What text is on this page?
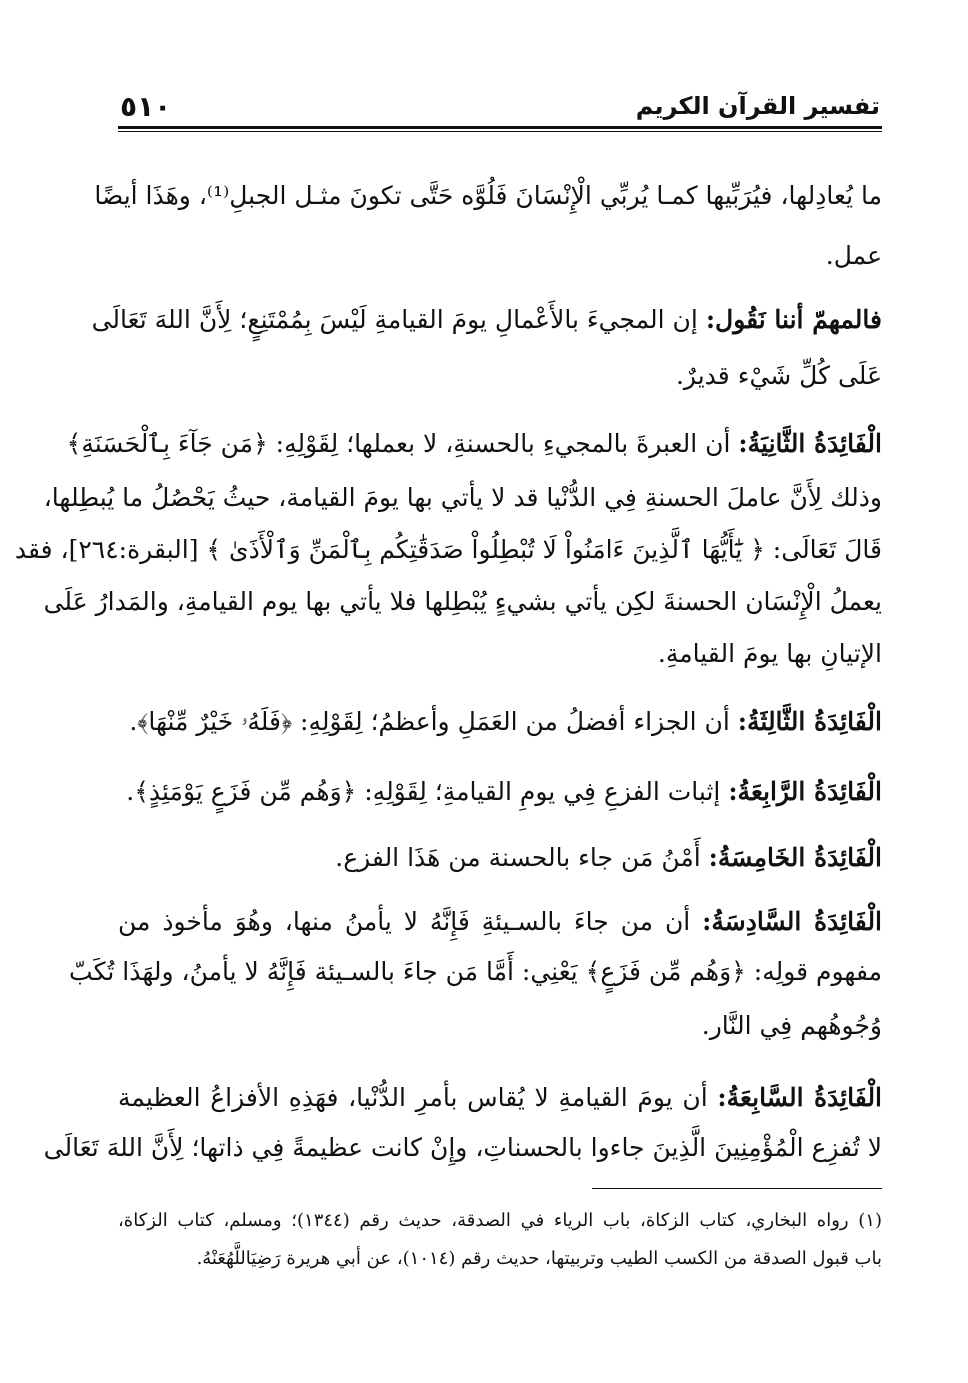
٥١٠	تفسير القرآن الكريم
ما يُعادِلها، فيُرَبِّيها كمـا يُربِّي الْإِنْسَانَ فَلُوَّه حَتَّى تكونَ مثـل الجبلِ⁽¹⁾، وهَذَا أيضًا
عمل.
فالمهمّ أننا نَقُول: إن المجيءَ بالأَعْمالِ يومَ القيامةِ لَيْسَ بِمُمْتَنِعٍ؛ لِأَنَّ اللهَ تَعَالَى
عَلَى كُلِّ شَيْء قديرٌ.
الْفَائِدَةُ الثَّانِيَةُ: أن العبرةَ بالمجيءِ بالحسنةِ، لا بعملها؛ لِقَوْلِهِ: ﴿مَن جَآءَ بِٱلْحَسَنَةِ﴾
وذلك لِأَنَّ عاملَ الحسنةِ فِي الدُّنْيا قد لا يأتي بها يومَ القيامة، حيثُ يَحْصُلُ ما يُبطِلها،
قَالَ تَعَالَى: ﴿ يَٰٓأَيُّهَا ٱلَّذِينَ ءَامَنُواْ لَا تُبْطِلُواْ صَدَقَٰتِكُم بِٱلْمَنِّ وَٱلْأَذَىٰ ﴾ [البقرة:٢٦٤]، فقد
يعملُ الْإِنْسَان الحسنةَ لكِن يأتي بشيءٍ يُبْطِلها فلا يأتي بها يوم القيامةِ، والمَدارُ عَلَى
الإتيانِ بها يومَ القيامةِ.
الْفَائِدَةُ الثَّالِثَةُ: أن الجزاء أفضلُ من العَمَلِ وأعظمُ؛ لِقَوْلِهِ: ﴿فَلَهُۥ خَيْرٌ مِّنْهَا﴾.
الْفَائِدَةُ الرَّابِعَةُ: إثبات الفزعِ فِي يومِ القيامةِ؛ لِقَوْلِهِ: ﴿وَهُم مِّن فَزَعٍ يَوْمَئِذٍ﴾.
الْفَائِدَةُ الخَامِسَةُ: أَمْنُ مَن جاء بالحسنة من هَذَا الفزع.
الْفَائِدَةُ السَّادِسَةُ: أن من جاءَ بالسـيئةِ فَإِنَّهُ لا يأمنُ منها، وهُوَ مأخوذ من
مفهوم قولِه: ﴿وَهُم مِّن فَزَعٍ﴾ يَعْنِي: أَمَّا مَن جاءَ بالسـيئة فَإِنَّهُ لا يأمنُ، ولهَذَا تُكَبّ
وُجُوهُهم فِي النَّار.
الْفَائِدَةُ السَّابِعَةُ: أن يومَ القيامةِ لا يُقاس بأمرِ الدُّنْيا، فهَذِهِ الأفزاعُ العظيمة
لا تُفزِع الْمُؤْمِنِينَ الَّذِينَ جاءوا بالحسناتِ، وإِنْ كانت عظيمةً فِي ذاتها؛ لِأَنَّ اللهَ تَعَالَى
(١) رواه البخاري، كتاب الزكاة، باب الرياء في الصدقة، حديث رقم (١٣٤٤)؛ ومسلم، كتاب الزكاة،
باب قبول الصدقة من الكسب الطيب وتربيتها، حديث رقم (١٠١٤)، عن أبي هريرة رَضِيَاللَّهُعَنْهُ.
